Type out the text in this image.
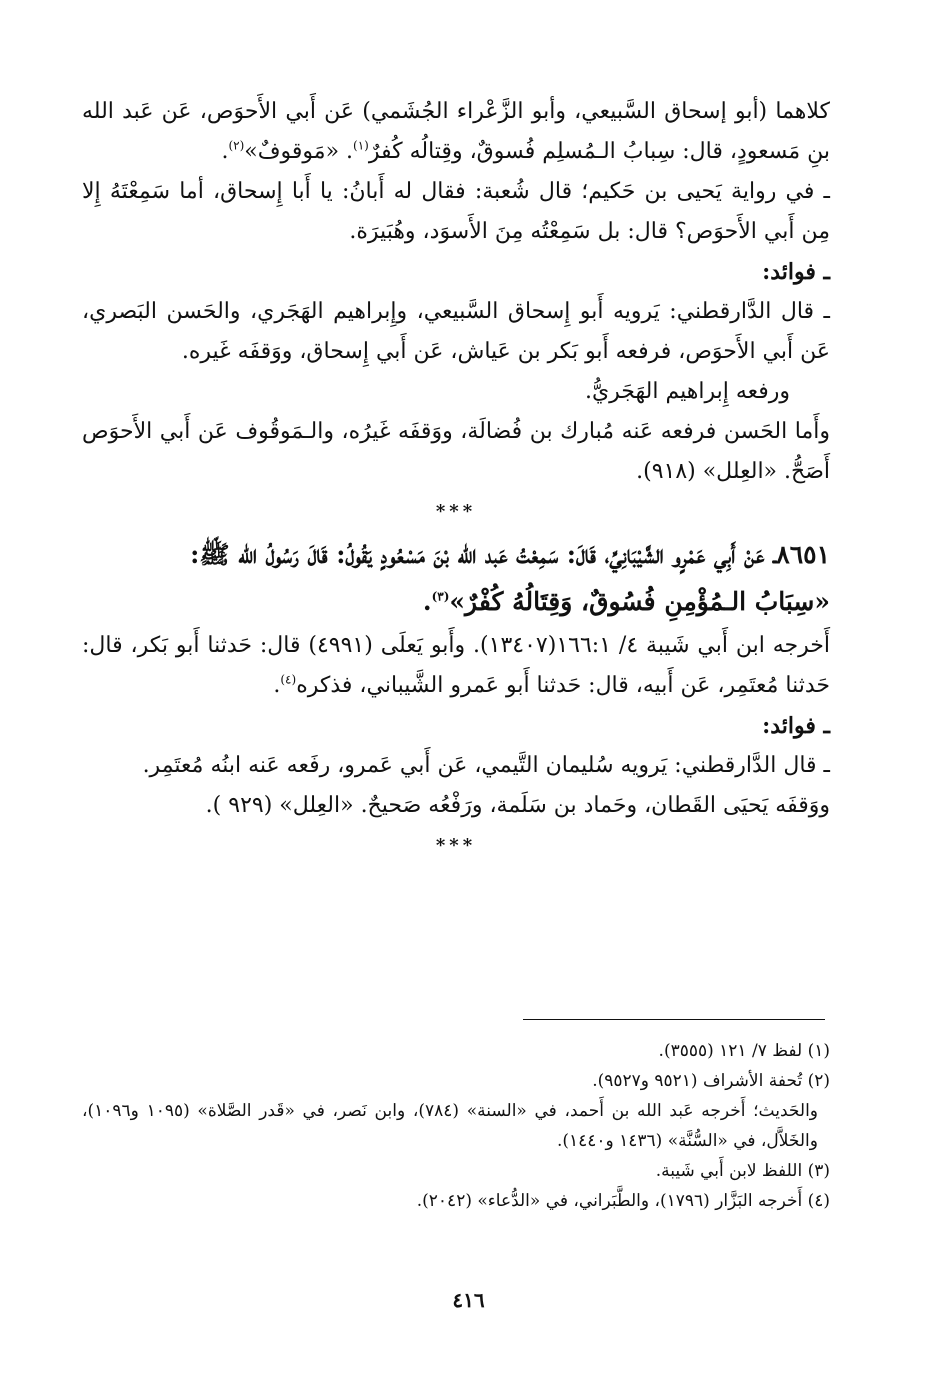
كلاهما (أبو إسحاق السَّبيعي، وأبو الزَّعْراء الجُشَمي) عَن أَبي الأَحوَص، عَن عَبد الله بنِ مَسعودٍ، قال: سِبابُ الـمُسلِم فُسوقٌ، وقِتالُه كُفرٌ$^{(١)}$. «مَوقوفٌ»$^{(٢)}$.

ـ في رواية يَحيى بن حَكيم؛ قال شُعبة: فقال له أَبانُ: يا أَبا إِسحاق، أما سَمِعْتَهُ إِلا مِن أَبي الأَحوَص؟ قال: بل سَمِعْتُه مِنَ الأَسوَد، وهُبَيرَة.

ـ فوائد:

ـ قال الدَّارقطني: يَرويه أَبو إِسحاق السَّبيعي، وإِبراهيم الهَجَري، والحَسن البَصري، عَن أَبي الأَحوَص، فرفعه أَبو بَكر بن عَياش، عَن أَبي إِسحاق، ووَقفَه غَيره.

ورفعه إِبراهيم الهَجَريُّ.

وأَما الحَسن فرفعه عَنه مُبارك بن فُضالَة، ووَقفَه غَيرُه، والـمَوقُوف عَن أَبي الأَحوَص أَصَحُّ. «العِلل» (٩١٨).

***

٨٦٥١ـ عَنْ أَبِي عَمْرٍو الشَّيْبَانِيِّ، قَالَ: سَمِعْتُ عَبد الله بْنَ مَسْعُودٍ يَقُولُ: قَالَ رَسُولُ الله ﷺ:

«سِبَابُ الـمُؤْمِنِ فُسُوقٌ، وَقِتَالُهُ كُفْرٌ»$^{(٣)}$.

أَخرجه ابن أَبي شَيبة ٤/ ١٦٦:١(١٣٤٠٧). وأَبو يَعلَى (٤٩٩١) قال: حَدثنا أَبو بَكر، قال: حَدثنا مُعتَمِر، عَن أَبيه، قال: حَدثنا أَبو عَمرو الشَّيباني، فذكره$^{(٤)}$.

ـ فوائد:

ـ قال الدَّارقطني: يَرويه سُليمان التَّيمي، عَن أَبي عَمرو، رفَعه عَنه ابنُه مُعتَمِر.

ووَقفَه يَحيَى القَطان، وحَماد بن سَلَمة، ورَفْعُه صَحيحٌ. «العِلل» (٩٢٩ ).

***

(١) لفظ ٧/ ١٢١ (٣٥٥٥).

(٢) تُحفة الأشراف (٩٥٢١ و٩٥٢٧).

والحَديث؛ أَخرجه عَبد الله بن أَحمد، في «السنة» (٧٨٤)، وابن نَصر، في «قَدر الصَّلاة» (١٠٩٥ و١٠٩٦)، والخَلاَّل، في «السُّنَّة» (١٤٣٦ و١٤٤٠).

(٣) اللفظ لابن أَبي شَيبة.

(٤) أَخرجه البَزَّار (١٧٩٦)، والطَّبَراني، في «الدُّعاء» (٢٠٤٢).

٤١٦
